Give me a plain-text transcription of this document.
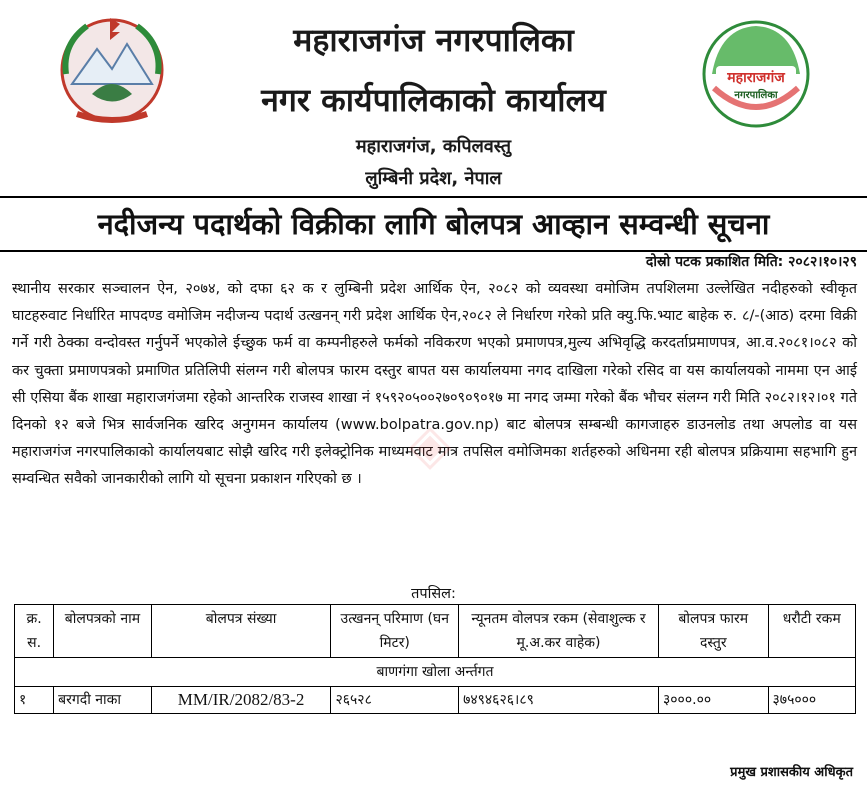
महाराजगंज नगरपालिका
नगर कार्यपालिकाको कार्यालय
महाराजगंज, कपिलवस्तु
लुम्बिनी प्रदेश, नेपाल
महाराजगंज
नगरपालिका
नदीजन्य पदार्थको विक्रीका लागि बोलपत्र आव्हान सम्वन्धी सूचना
दोस्रो पटक प्रकाशित मिति: २०८२।१०।२९
स्थानीय सरकार सञ्चालन ऐन, २०७४, को दफा ६२ क र लुम्बिनी प्रदेश आर्थिक ऐन, २०८२ को व्यवस्था वमोजिम तपशिलमा उल्लेखित नदीहरुको स्वीकृत घाटहरुवाट निर्धारित मापदण्ड वमोजिम नदीजन्य पदार्थ उत्खनन् गरी प्रदेश आर्थिक ऐन,२०८२ ले निर्धारण गरेको प्रति क्यु.फि.भ्याट बाहेक रु. ८/-(आठ) दरमा विक्री गर्ने गरी ठेक्का वन्दोवस्त गर्नुपर्ने भएकोले ईच्छुक फर्म वा कम्पनीहरुले फर्मको नविकरण भएको प्रमाणपत्र,मुल्य अभिवृद्धि करदर्ताप्रमाणपत्र, आ.व.२०८१।०८२ को कर चुक्ता प्रमाणपत्रको प्रमाणित प्रतिलिपी संलग्न गरी बोलपत्र फारम दस्तुर बापत यस कार्यालयमा नगद दाखिला गरेको रसिद वा यस कार्यालयको नाममा एन आई सी एसिया बैंक शाखा महाराजगंजमा रहेको आन्तरिक राजस्व शाखा नं १५९२०५००२७०९०९०१७ मा नगद जम्मा गरेको बैंक भौचर संलग्न गरी मिति २०८२।१२।०१ गते दिनको १२ बजे भित्र सार्वजनिक खरिद अनुगमन कार्यालय (www.bolpatra.gov.np) बाट बोलपत्र सम्बन्धी कागजाहरु डाउनलोड तथा अपलोड वा यस महाराजगंज नगरपालिकाको कार्यालयबाट सोझै खरिद गरी इलेक्ट्रोनिक माध्यमवाट मात्र तपसिल वमोजिमका शर्तहरुको अधिनमा रही बोलपत्र प्रक्रियामा सहभागि हुन सम्वन्धित सवैको जानकारीको लागि यो सूचना प्रकाशन गरिएको छ ।
◈
तपसिल:
क्र. स.	बोलपत्रको नाम	बोलपत्र संख्या	उत्खनन् परिमाण (घन मिटर)	न्यूनतम वोलपत्र रकम (सेवाशुल्क र मू.अ.कर वाहेक)	बोलपत्र फारम दस्तुर	धरौटी रकम
बाणगंगा खोला अर्न्तगत						
१	बरगदी नाका	MM/IR/2082/83-2	२६५२८	७४९४६२६।८९	३०००.००	३७५०००
प्रमुख प्रशासकीय अधिकृत
